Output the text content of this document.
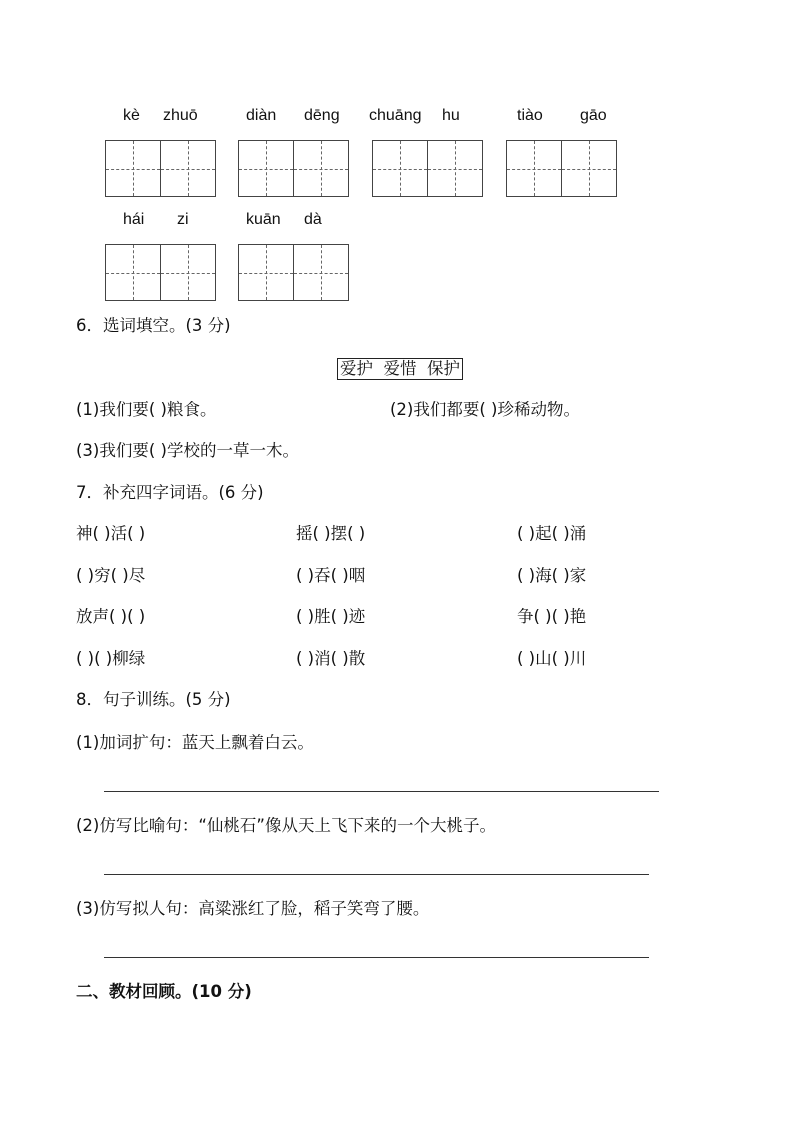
kè zhuō	diàn dēng chuāng hu	tiào gāo
hái zi	kuān dà
6．选词填空。(3 分)
爱护  爱惜  保护
(1)我们要( )粮食。	(2)我们都要( )珍稀动物。
(3)我们要( )学校的一草一木。
7．补充四字词语。(6 分)
神( )活( )	摇( )摆( )	( )起( )涌
( )穷( )尽	( )吞( )咽	( )海( )家
放声( )( )	( )胜( )迹	争( )( )艳
( )( )柳绿	( )消( )散	( )山( )川
8．句子训练。(5 分)
(1)加词扩句：蓝天上飘着白云。
(2)仿写比喻句：“仙桃石”像从天上飞下来的一个大桃子。
(3)仿写拟人句：高粱涨红了脸，稻子笑弯了腰。
二、教材回顾。(10 分)
